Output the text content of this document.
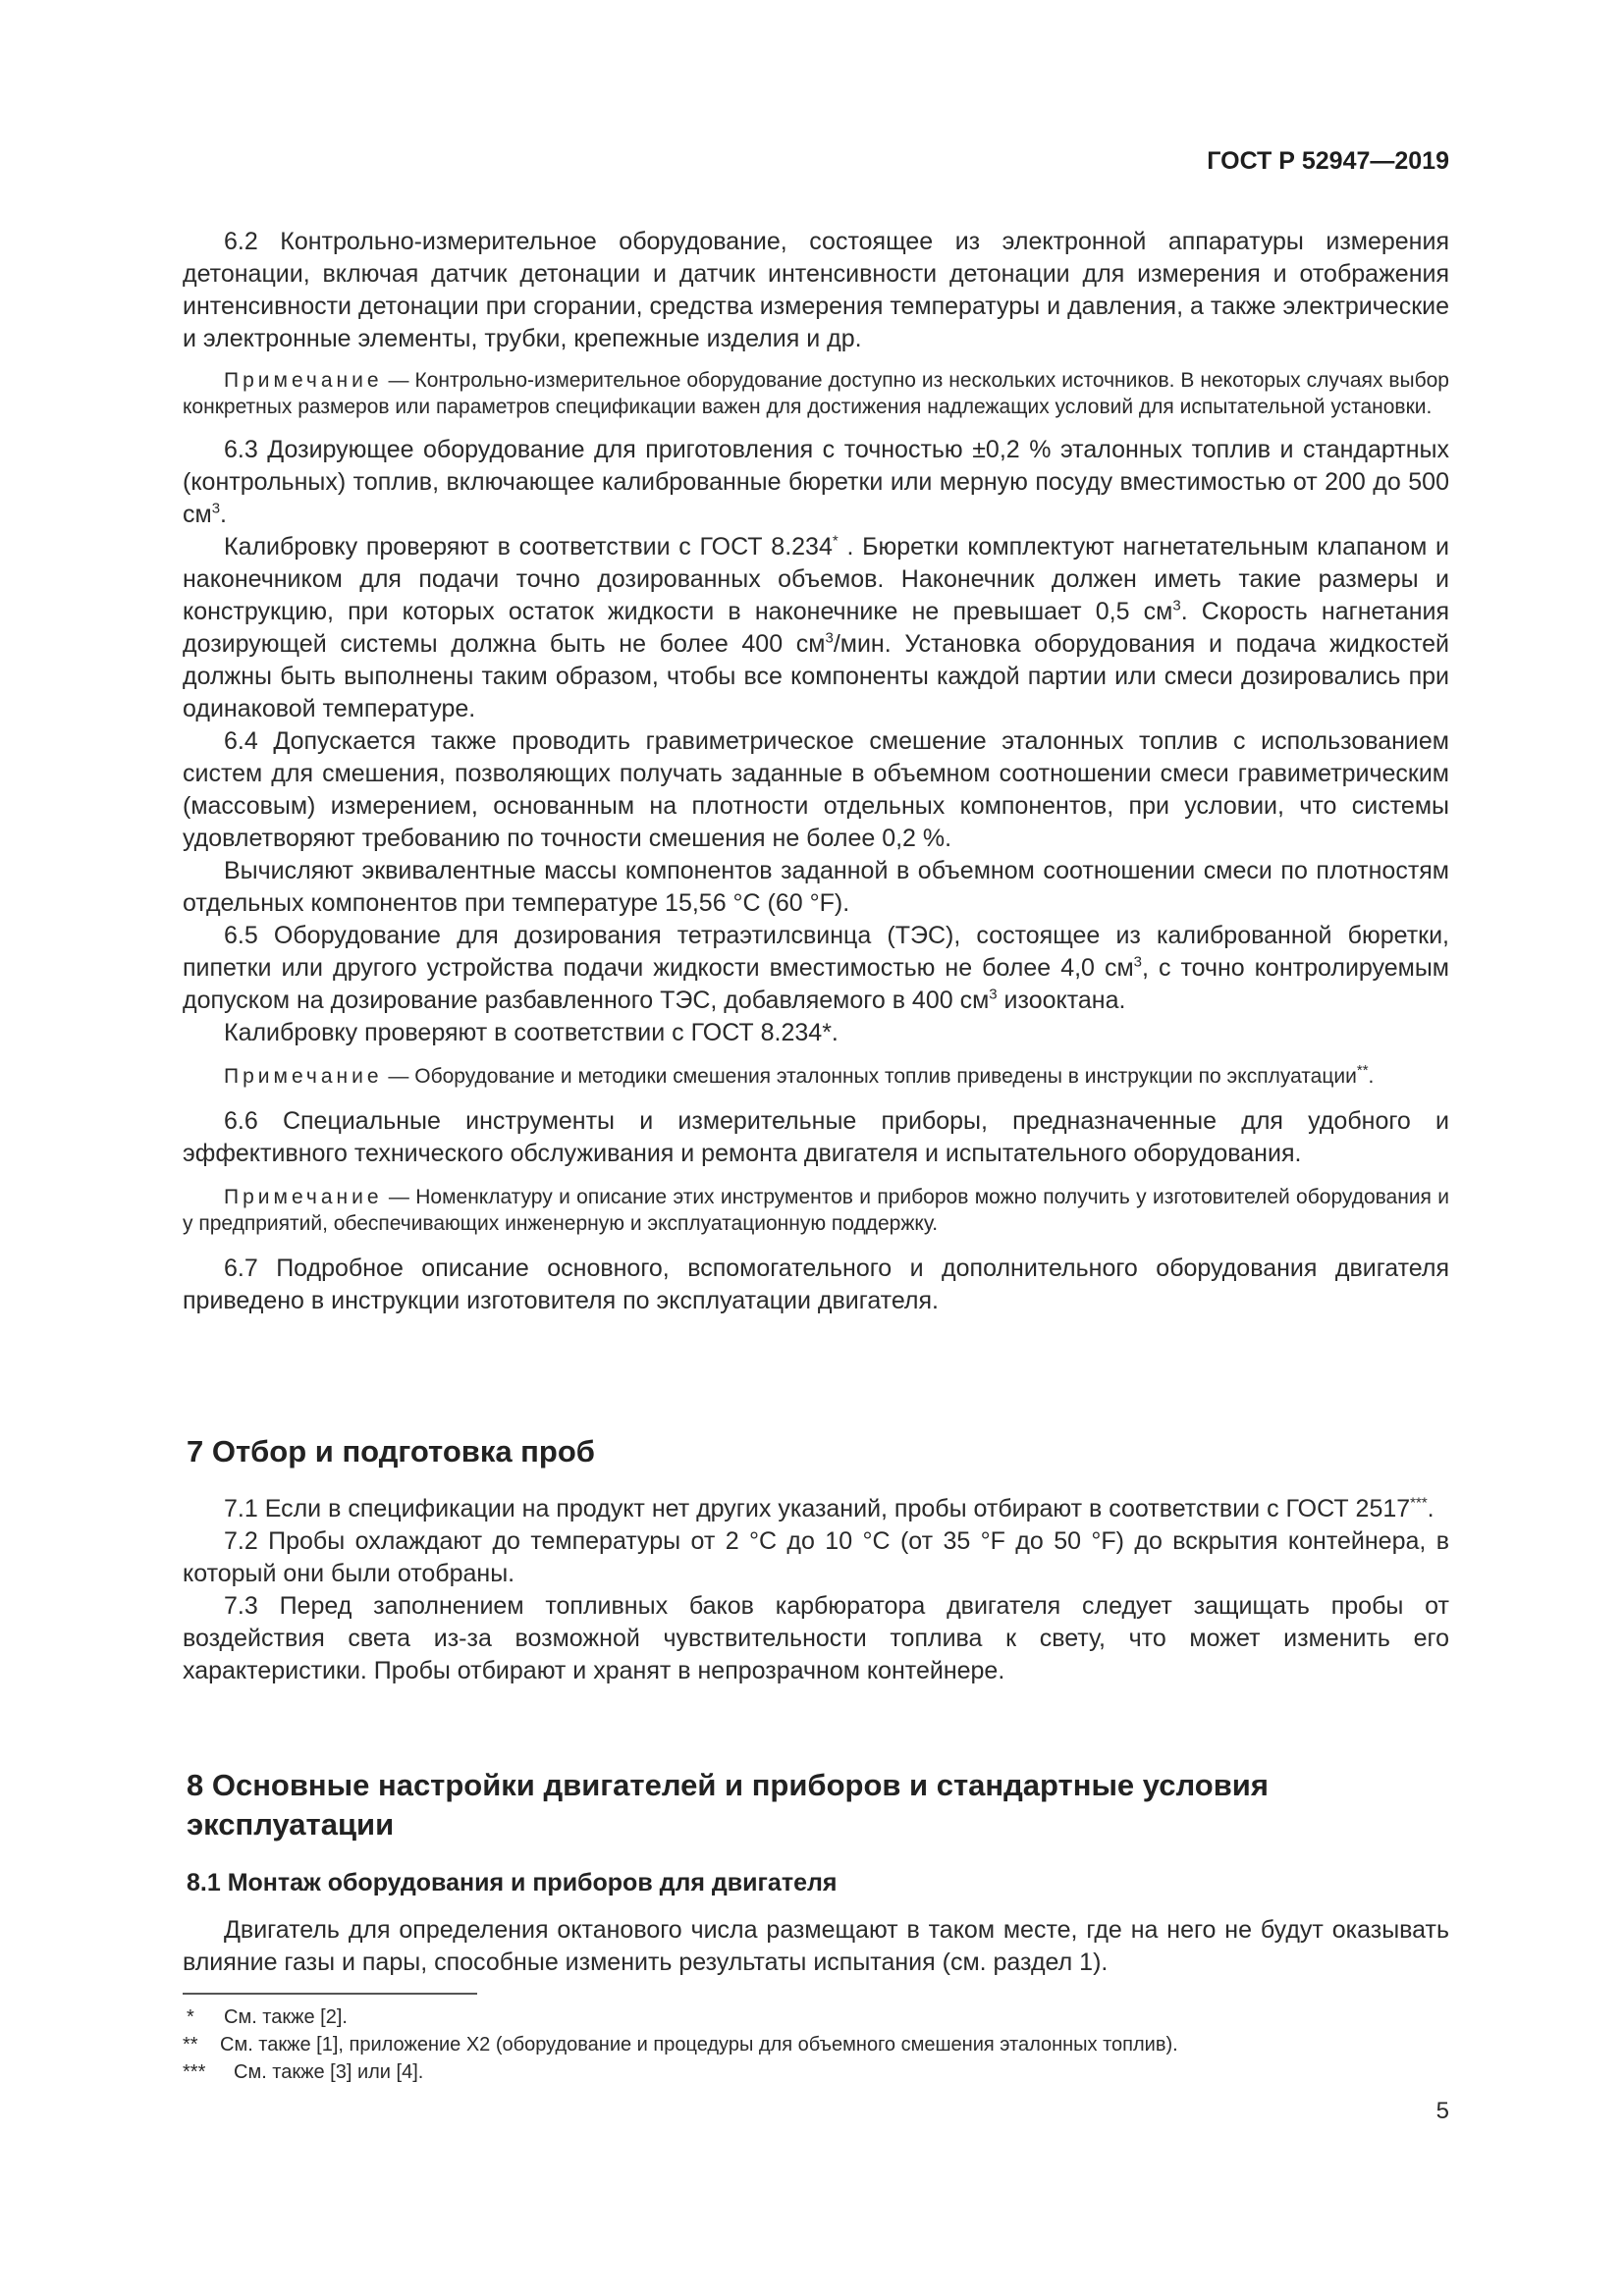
ГОСТ Р 52947—2019

6.2 Контрольно-измерительное оборудование, состоящее из электронной аппаратуры измерения детонации, включая датчик детонации и датчик интенсивности детонации для измерения и отображения интенсивности детонации при сгорании, средства измерения температуры и давления, а также электрические и электронные элементы, трубки, крепежные изделия и др.

Примечание — Контрольно-измерительное оборудование доступно из нескольких источников. В некоторых случаях выбор конкретных размеров или параметров спецификации важен для достижения надлежащих условий для испытательной установки.

6.3 Дозирующее оборудование для приготовления с точностью ±0,2 % эталонных топлив и стандартных (контрольных) топлив, включающее калиброванные бюретки или мерную посуду вместимостью от 200 до 500 $см^3$.

Калибровку проверяют в соответствии с ГОСТ 8.234* . Бюретки комплектуют нагнетательным клапаном и наконечником для подачи точно дозированных объемов. Наконечник должен иметь такие размеры и конструкцию, при которых остаток жидкости в наконечнике не превышает 0,5 $см^3$. Скорость нагнетания дозирующей системы должна быть не более 400 $см^3$/мин. Установка оборудования и подача жидкостей должны быть выполнены таким образом, чтобы все компоненты каждой партии или смеси дозировались при одинаковой температуре.

6.4 Допускается также проводить гравиметрическое смешение эталонных топлив с использованием систем для смешения, позволяющих получать заданные в объемном соотношении смеси гравиметрическим (массовым) измерением, основанным на плотности отдельных компонентов, при условии, что системы удовлетворяют требованию по точности смешения не более 0,2 %.

Вычисляют эквивалентные массы компонентов заданной в объемном соотношении смеси по плотностям отдельных компонентов при температуре 15,56 °С (60 °F).

6.5 Оборудование для дозирования тетраэтилсвинца (ТЭС), состоящее из калиброванной бюретки, пипетки или другого устройства подачи жидкости вместимостью не более 4,0 $см^3$, с точно контролируемым допуском на дозирование разбавленного ТЭС, добавляемого в 400 $см^3$ изооктана.

Калибровку проверяют в соответствии с ГОСТ 8.234*.

Примечание — Оборудование и методики смешения эталонных топлив приведены в инструкции по эксплуатации**.

6.6 Специальные инструменты и измерительные приборы, предназначенные для удобного и эффективного технического обслуживания и ремонта двигателя и испытательного оборудования.

Примечание — Номенклатуру и описание этих инструментов и приборов можно получить у изготовителей оборудования и у предприятий, обеспечивающих инженерную и эксплуатационную поддержку.

6.7 Подробное описание основного, вспомогательного и дополнительного оборудования двигателя приведено в инструкции изготовителя по эксплуатации двигателя.

7 Отбор и подготовка проб

7.1 Если в спецификации на продукт нет других указаний, пробы отбирают в соответствии с ГОСТ 2517***.

7.2 Пробы охлаждают до температуры от 2 °С до 10 °С (от 35 °F до 50 °F) до вскрытия контейнера, в который они были отобраны.

7.3 Перед заполнением топливных баков карбюратора двигателя следует защищать пробы от воздействия света из-за возможной чувствительности топлива к свету, что может изменить его характеристики. Пробы отбирают и хранят в непрозрачном контейнере.

8 Основные настройки двигателей и приборов и стандартные условия эксплуатации
8.1 Монтаж оборудования и приборов для двигателя

Двигатель для определения октанового числа размещают в таком месте, где на него не будут оказывать влияние газы и пары, способные изменить результаты испытания (см. раздел 1).

* См. также [2].

** См. также [1], приложение Х2 (оборудование и процедуры для объемного смешения эталонных топлив).

*** См. также [3] или [4].

5
